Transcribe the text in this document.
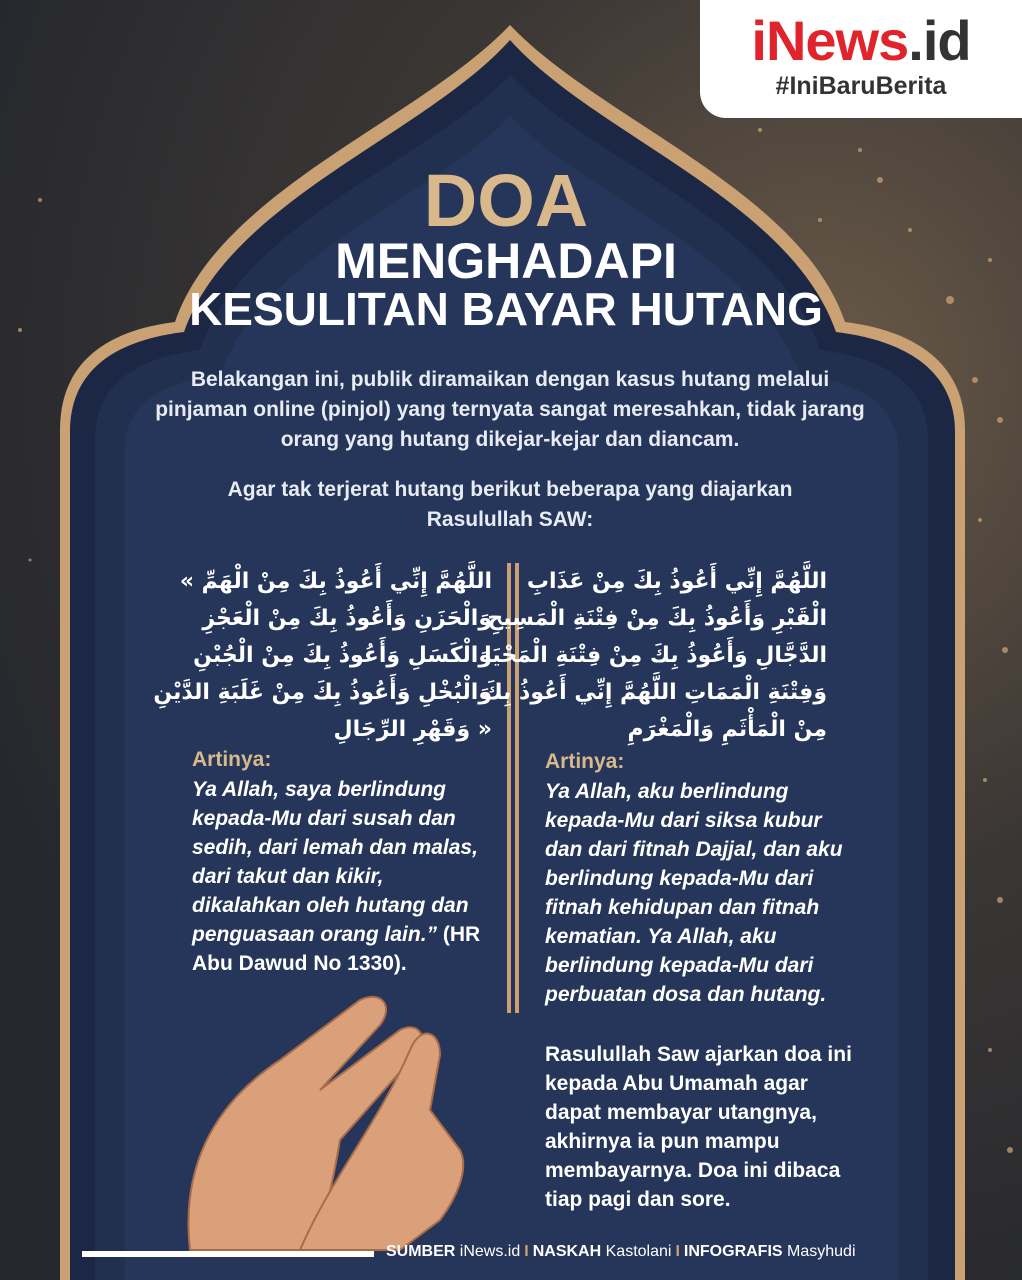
iNews.id
#IniBaruBerita
DOA
MENGHADAPI
KESULITAN BAYAR HUTANG
Belakangan ini, publik diramaikan dengan kasus hutang melalui pinjaman online (pinjol) yang ternyata sangat meresahkan, tidak jarang orang yang hutang dikejar-kejar dan diancam.
Agar tak terjerat hutang berikut beberapa yang diajarkan Rasulullah SAW:
اللَّهُمَّ إِنِّي أَعُوذُ بِكَ مِنْ الْهَمِّ »
وَالْحَزَنِ وَأَعُوذُ بِكَ مِنْ الْعَجْزِ
وَالْكَسَلِ وَأَعُوذُ بِكَ مِنْ الْجُبْنِ
وَالْبُخْلِ وَأَعُوذُ بِكَ مِنْ غَلَبَةِ الدَّيْنِ
« وَقَهْرِ الرِّجَالِ
اللَّهُمَّ إِنِّي أَعُوذُ بِكَ مِنْ عَذَابِ
الْقَبْرِ وَأَعُوذُ بِكَ مِنْ فِتْنَةِ الْمَسِيحِ
الدَّجَّالِ وَأَعُوذُ بِكَ مِنْ فِتْنَةِ الْمَحْيَا
وَفِتْنَةِ الْمَمَاتِ اللَّهُمَّ إِنِّي أَعُوذُ بِكَ
مِنْ الْمَأْثَمِ وَالْمَغْرَمِ
Artinya:
Ya Allah, saya berlindung kepada-Mu dari susah dan sedih, dari lemah dan malas, dari takut dan kikir, dikalahkan oleh hutang dan penguasaan orang lain.” (HR Abu Dawud No 1330).
Artinya:
Ya Allah, aku berlindung kepada-Mu dari siksa kubur dan dari fitnah Dajjal, dan aku berlindung kepada-Mu dari fitnah kehidupan dan fitnah kematian. Ya Allah, aku berlindung kepada-Mu dari perbuatan dosa dan hutang.
Rasulullah Saw ajarkan doa ini kepada Abu Umamah agar dapat membayar utangnya, akhirnya ia pun mampu membayarnya. Doa ini dibaca tiap pagi dan sore.
SUMBER iNews.id I NASKAH Kastolani I INFOGRAFIS Masyhudi
